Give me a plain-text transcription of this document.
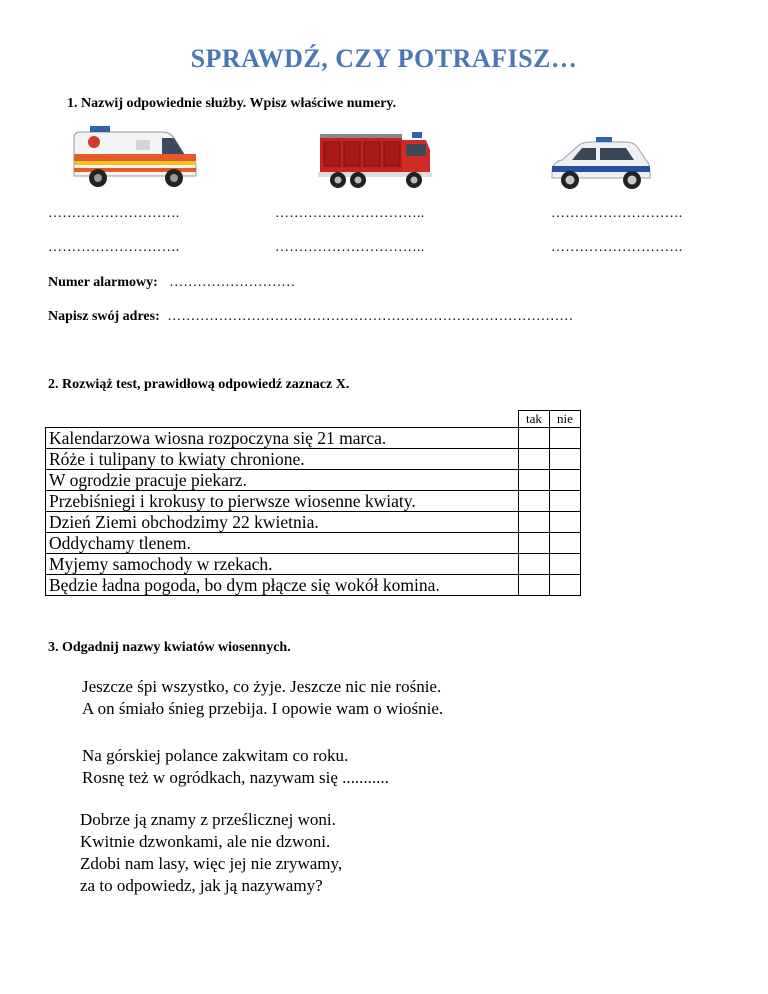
SPRAWDŹ, CZY POTRAFISZ…
1. Nazwij odpowiednie służby. Wpisz właściwe numery.
……………………….	…………………………..	……………………….
……………………….	…………………………..	……………………….
Numer alarmowy: ………………………
Napisz swój adres: ……………………………………………………………………………
2. Rozwiąż test, prawidłową odpowiedź zaznacz X.
	tak	nie
Kalendarzowa wiosna rozpoczyna się 21 marca.		
Róże i tulipany to kwiaty chronione.		
W ogrodzie pracuje piekarz.		
Przebiśniegi i krokusy to pierwsze wiosenne kwiaty.		
Dzień Ziemi obchodzimy 22 kwietnia.		
Oddychamy tlenem.		
Myjemy samochody w rzekach.		
Będzie ładna pogoda, bo dym płącze się wokół komina.		
3. Odgadnij nazwy kwiatów wiosennych.
Jeszcze śpi wszystko, co żyje. Jeszcze nic nie rośnie.
A on śmiało śnieg przebija. I opowie wam o wiośnie.
Na górskiej polance zakwitam co roku.
Rosnę też w ogródkach, nazywam się ...........
Dobrze ją znamy z prześlicznej woni.
Kwitnie dzwonkami, ale nie dzwoni.
Zdobi nam lasy, więc jej nie zrywamy,
za to odpowiedz, jak ją nazywamy?
